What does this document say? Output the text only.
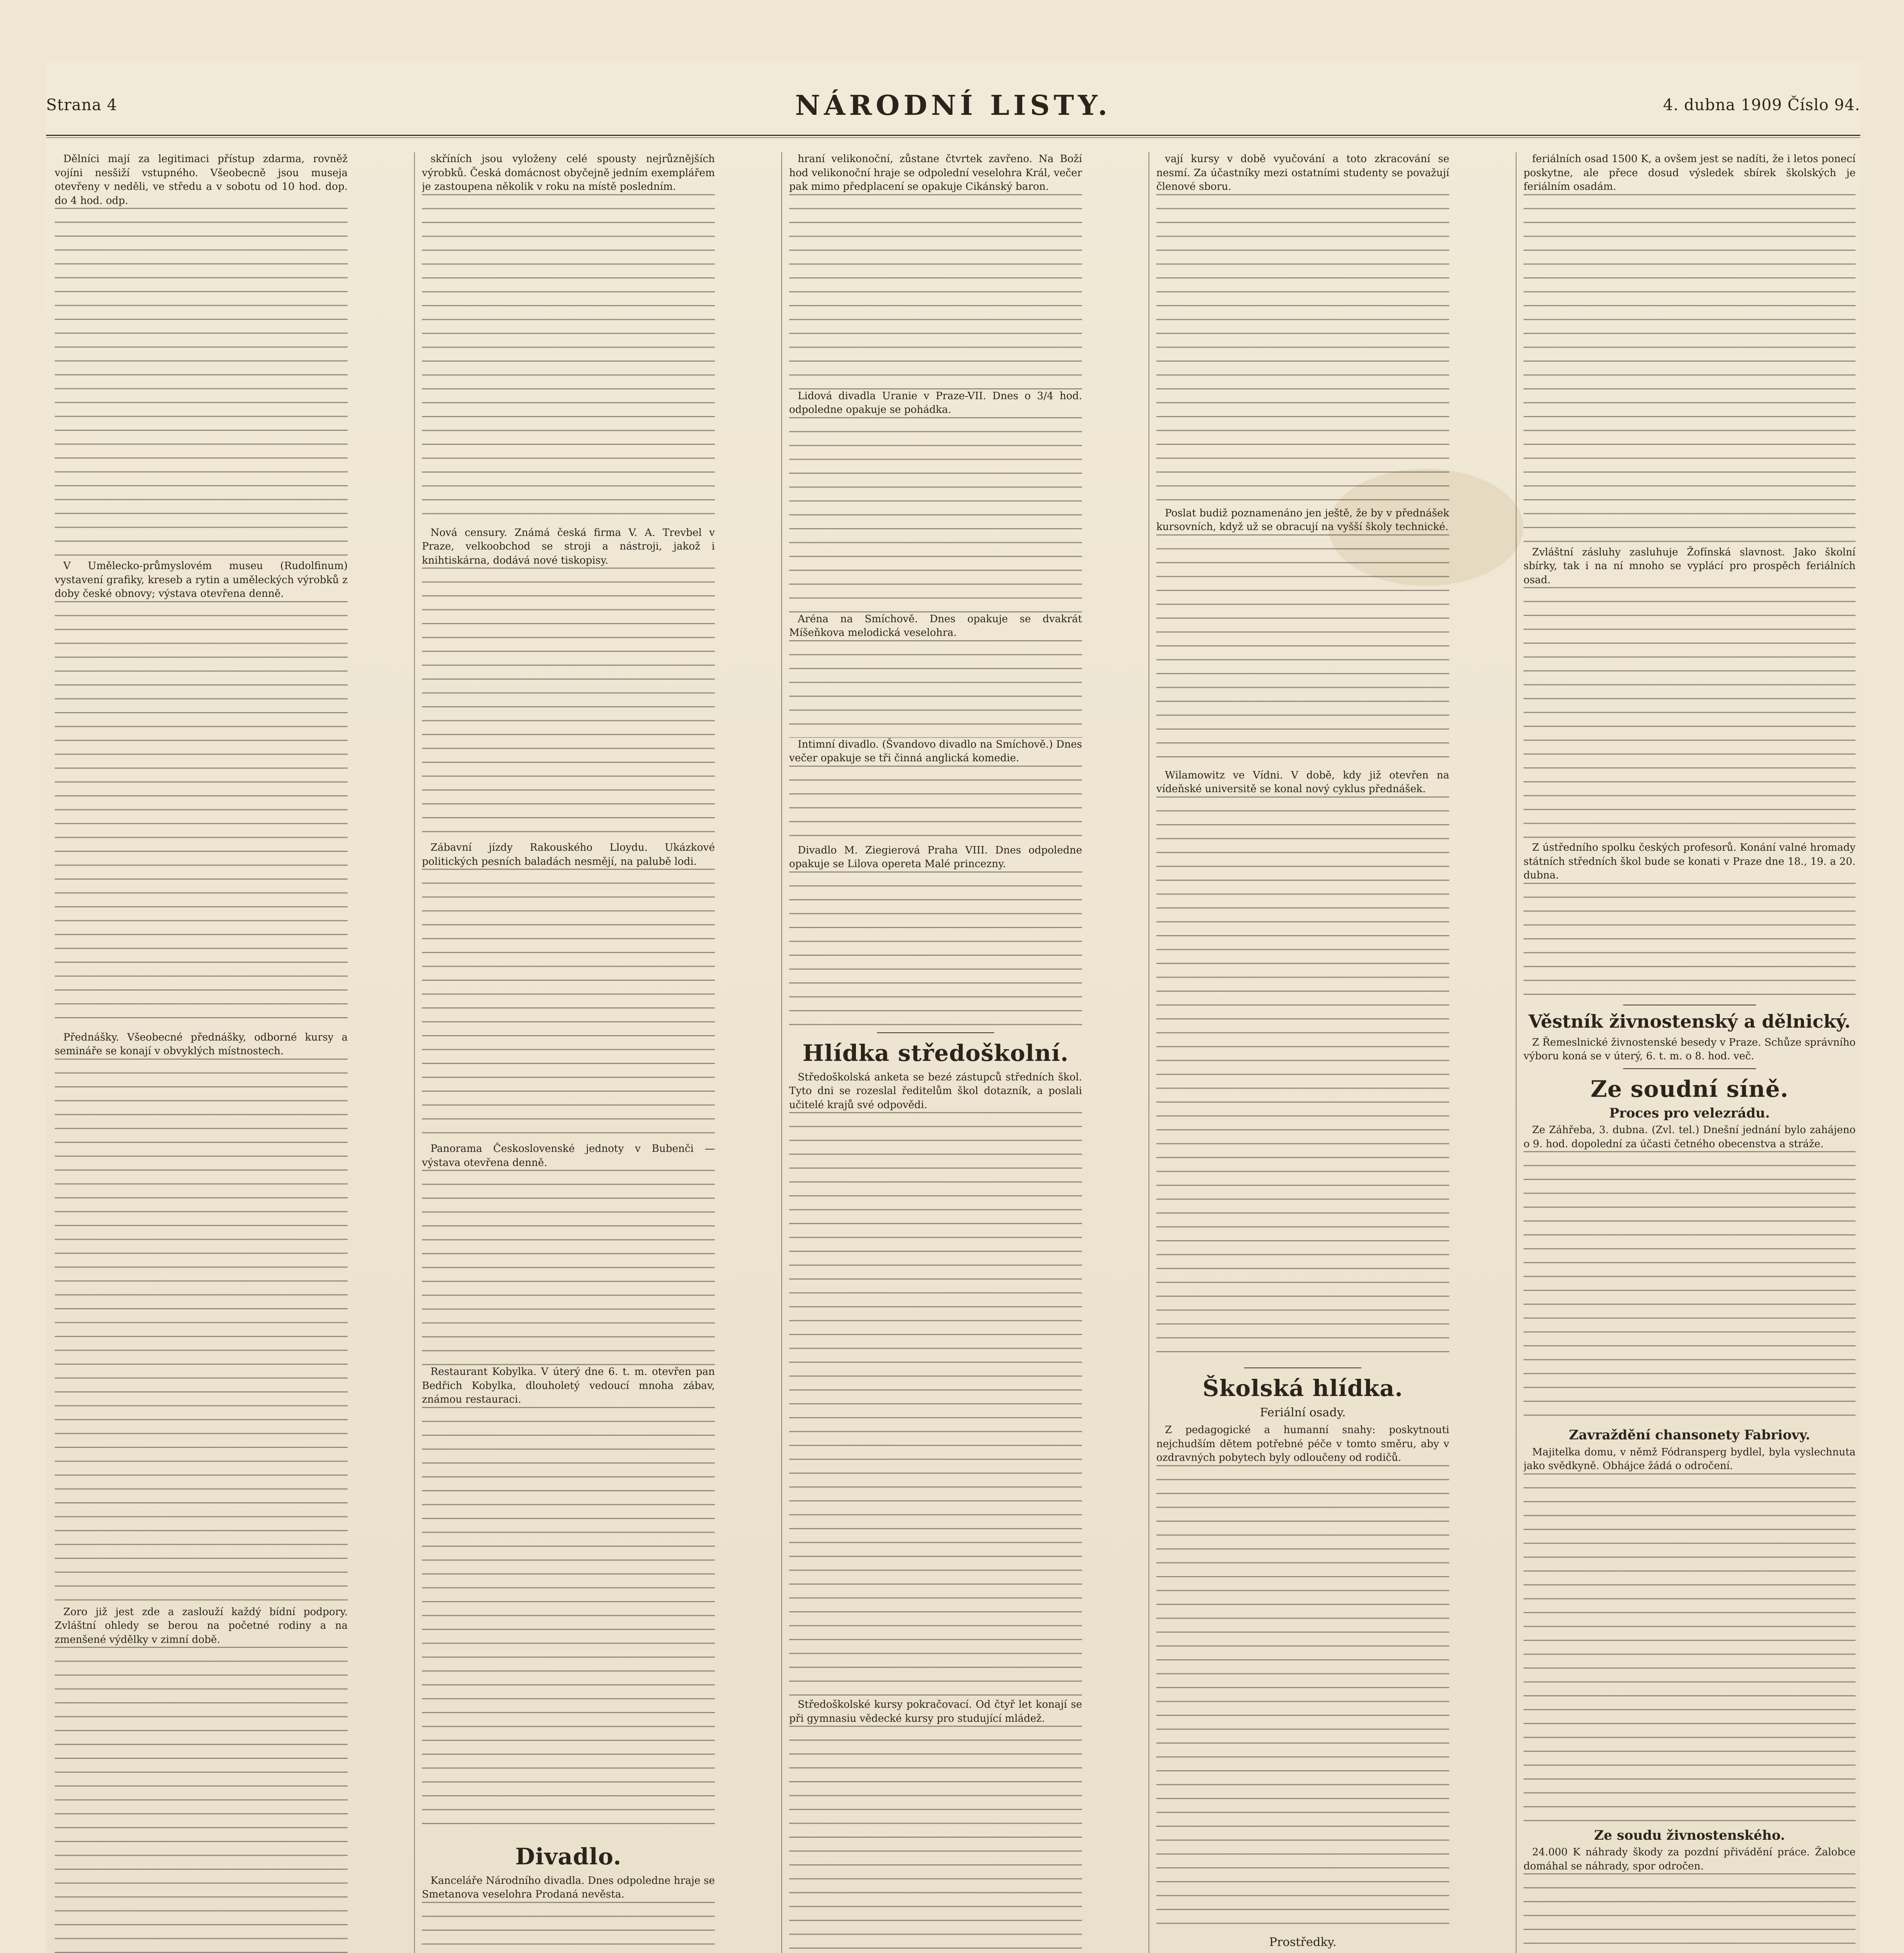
Strana 4	NÁRODNÍ LISTY.	4. dubna 1909 Číslo 94.

Dělníci mají za legitimaci přístup zdarma, rovněž vojíni nesšiží vstupného. Všeobecně jsou museja otevřeny v neděli, ve středu a v sobotu od 10 hod. dop. do 4 hod. odp.

V Umělecko-průmyslovém museu (Rudolfinum) vystavení grafiky, kreseb a rytin a uměleckých výrobků z doby české obnovy; výstava otevřena denně.

Přednášky. Všeobecné přednášky, odborné kursy a semináře se konají v obvyklých místnostech.

Zoro již jest zde a zaslouží každý bídní podpory. Zvláštní ohledy se berou na početné rodiny a na zmenšené výdělky v zimní době.

skříních jsou vyloženy celé spousty nejrůznějších výrobků. Česká domácnost obyčejně jedním exemplářem je zastoupena několik v roku na místě posledním.

Nová censury. Známá česká firma V. A. Trevbel v Praze, velkoobchod se stroji a nástroji, jakož i knihtiskárna, dodává nové tiskopisy.

Zábavní jízdy Rakouského Lloydu. Ukázkové politických pesních baladách nesmějí, na palubě lodi.

Panorama Československé jednoty v Bubenči — výstava otevřena denně.

Restaurant Kobylka. V úterý dne 6. t. m. otevřen pan Bedřich Kobylka, dlouholetý vedoucí mnoha zábav, známou restauraci.

Divadlo.

Kanceláře Národního divadla. Dnes odpoledne hraje se Smetanova veselohra Prodaná nevěsta.

hraní velikonoční, zůstane čtvrtek zavřeno. Na Boží hod velikonoční hraje se odpolední veselohra Král, večer pak mimo předplacení se opakuje Cikánský baron.

Lidová divadla Uranie v Praze-VII. Dnes o 3/4 hod. odpoledne opakuje se pohádka.

Aréna na Smíchově. Dnes opakuje se dvakrát Míšeňkova melodická veselohra.

Intimní divadlo. (Švandovo divadlo na Smíchově.) Dnes večer opakuje se tři činná anglická komedie.

Divadlo M. Ziegierová Praha VIII. Dnes odpoledne opakuje se Lilova opereta Malé princezny.

Hlídka středoškolní.

Středoškolská anketa se bezé zástupců středních škol. Tyto dni se rozeslal ředitelům škol dotazník, a poslali učitelé krajů své odpovědi.

Středoškolské kursy pokračovací. Od čtyř let konají se při gymnasiu vědecké kursy pro studující mládež.

vají kursy v době vyučování a toto zkracování se nesmí. Za účastníky mezi ostatními studenty se považují členové sboru.

Poslat budiž poznamenáno jen ještě, že by v přednášek kursovních, když už se obracují na vyšší školy technické.

Wilamowitz ve Vídni. V době, kdy již otevřen na vídeňské universitě se konal nový cyklus přednášek.

Školská hlídka.
Feriální osady.

Z pedagogické a humanní snahy: poskytnouti nejchudším dětem potřebné péče v tomto směru, aby v ozdravných pobytech byly odloučeny od rodičů.

Prostředky.

feriálních osad 1500 K, a ovšem jest se nadíti, že i letos ponecí poskytne, ale přece dosud výsledek sbírek školských je feriálním osadám.

Zvláštní zásluhy zasluhuje Žofínská slavnost. Jako školní sbírky, tak i na ní mnoho se vyplácí pro prospěch feriálních osad.

Z ústředního spolku českých profesorů. Konání valné hromady státních středních škol bude se konati v Praze dne 18., 19. a 20. dubna.

Věstník živnostenský a dělnický.

Z Řemeslnické živnostenské besedy v Praze. Schůze správního výboru koná se v úterý, 6. t. m. o 8. hod. več.

Ze soudní síně.
Proces pro velezrádu.

Ze Záhřeba, 3. dubna. (Zvl. tel.) Dnešní jednání bylo zahájeno o 9. hod. dopolední za účasti četného obecenstva a stráže.

Zavraždění chansonety Fabriovy.

Majitelka domu, v němž Fódransperg bydlel, byla vyslechnuta jako svědkyně. Obhájce žádá o odročení.

Ze soudu živnostenského.

24.000 K náhrady škody za pozdní přivádění práce. Žalobce domáhal se náhrady, spor odročen.
